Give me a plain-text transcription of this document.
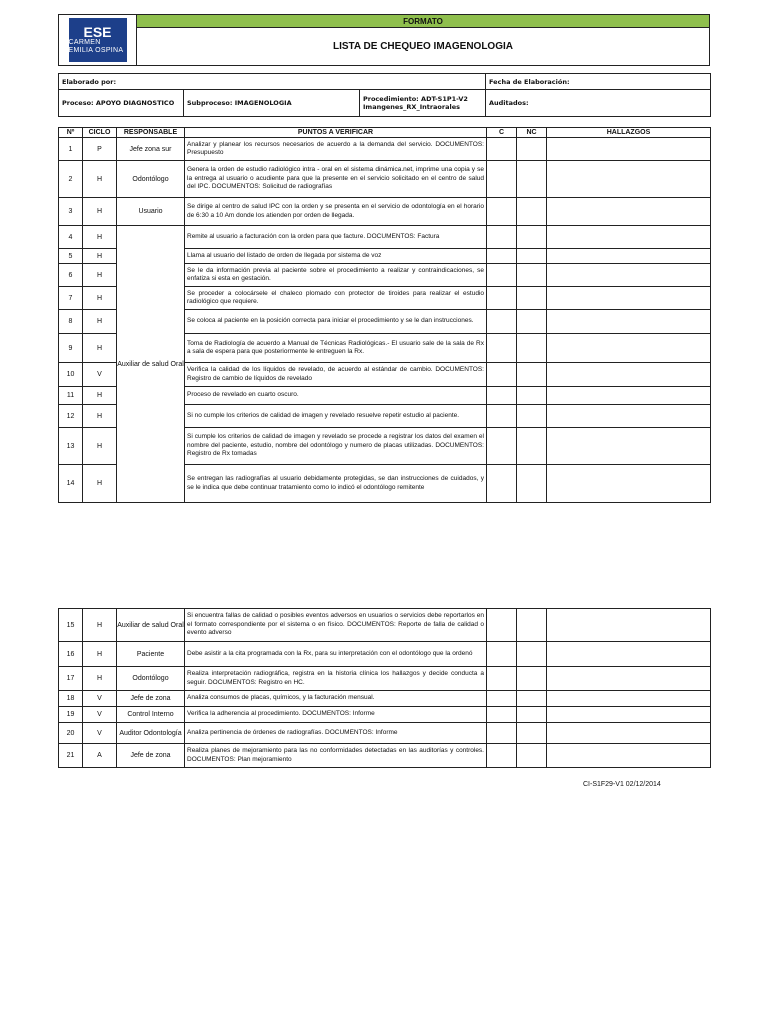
ESE
CARMEN EMILIA OSPINA
	FORMATO
LISTA DE CHEQUEO IMAGENOLOGIA
Elaborado por:			Fecha de Elaboración:
Proceso: APOYO DIAGNOSTICO	Subproceso: IMAGENOLOGIA	Procedimiento: ADT-S1P1-V2
Imangenes_RX_Intraorales	Auditados:
Nº	CICLO	RESPONSABLE	PUNTOS A VERIFICAR	C	NC	HALLAZGOS
1	P	Jefe zona sur	Analizar y planear los recursos necesarios de acuerdo a la demanda del servicio. DOCUMENTOS: Presupuesto			
2	H	Odontólogo	Genera la orden de estudio radiológico intra - oral en el sistema dinámica.net, imprime una copia y se la entrega al usuario o acudiente para que la presente en el servicio solicitado en el centro de salud del IPC. DOCUMENTOS: Solicitud de radiografías			
3	H	Usuario	Se dirige al centro de salud IPC con la orden y se presenta en el servicio de odontología en el horario de 6:30 a 10 Am donde los atienden por orden de llegada.			
4	H	Auxiliar de salud Oral	Remite al usuario a facturación con la orden para que facture. DOCUMENTOS: Factura			
5	H		Llama al usuario del listado de orden de llegada por sistema de voz			
6	H		Se le da información previa al paciente sobre el procedimiento a realizar y contraindicaciones, se enfatiza si esta en gestación.			
7	H		Se proceder a colocársele el chaleco plomado con protector de tiroides para realizar el estudio radiológico que requiere.			
8	H		Se coloca al paciente en la posición correcta para iniciar el procedimiento y se le dan instrucciones.			
9	H		Toma de Radiología de acuerdo a Manual de Técnicas Radiológicas.- El usuario sale de la sala de Rx a sala de espera para que posteriormente le entreguen la Rx.			
10	V		Verifica la calidad de los líquidos de revelado, de acuerdo al estándar de cambio. DOCUMENTOS: Registro de cambio de líquidos de revelado			
11	H		Proceso de revelado en cuarto oscuro.			
12	H		Si no cumple los criterios de calidad de imagen y revelado resuelve repetir estudio al paciente.			
13	H		Si cumple los criterios de calidad de imagen y revelado se procede a registrar los datos del examen el nombre del paciente, estudio, nombre del odontólogo y numero de placas utilizadas. DOCUMENTOS: Registro de Rx tomadas			
14	H		Se entregan las radiografías al usuario debidamente protegidas, se dan instrucciones de cuidados, y se le indica que debe continuar tratamiento como lo indicó el odontólogo remitente			
15	H	Auxiliar de salud Oral	Si encuentra fallas de calidad o posibles eventos adversos en usuarios o servicios debe reportarlos en el formato correspondiente por el sistema o en físico. DOCUMENTOS: Reporte de falla de calidad o evento adverso			
16	H	Paciente	Debe asistir a la cita programada con la Rx, para su interpretación con el odontólogo que la ordenó			
17	H	Odontólogo	Realiza interpretación radiográfica, registra en la historia clínica los hallazgos y decide conducta a seguir. DOCUMENTOS: Registro en HC.			
18	V	Jefe de zona	Analiza consumos de placas, químicos, y la facturación mensual.			
19	V	Control Interno	Verifica la adherencia al procedimiento. DOCUMENTOS: Informe			
20	V	Auditor Odontología	Analiza pertinencia de órdenes de radiografías. DOCUMENTOS: Informe			
21	A	Jefe de zona	Realiza planes de mejoramiento para las no conformidades detectadas en las auditorías y controles. DOCUMENTOS: Plan mejoramiento			
CI-S1F29-V1 02/12/2014
